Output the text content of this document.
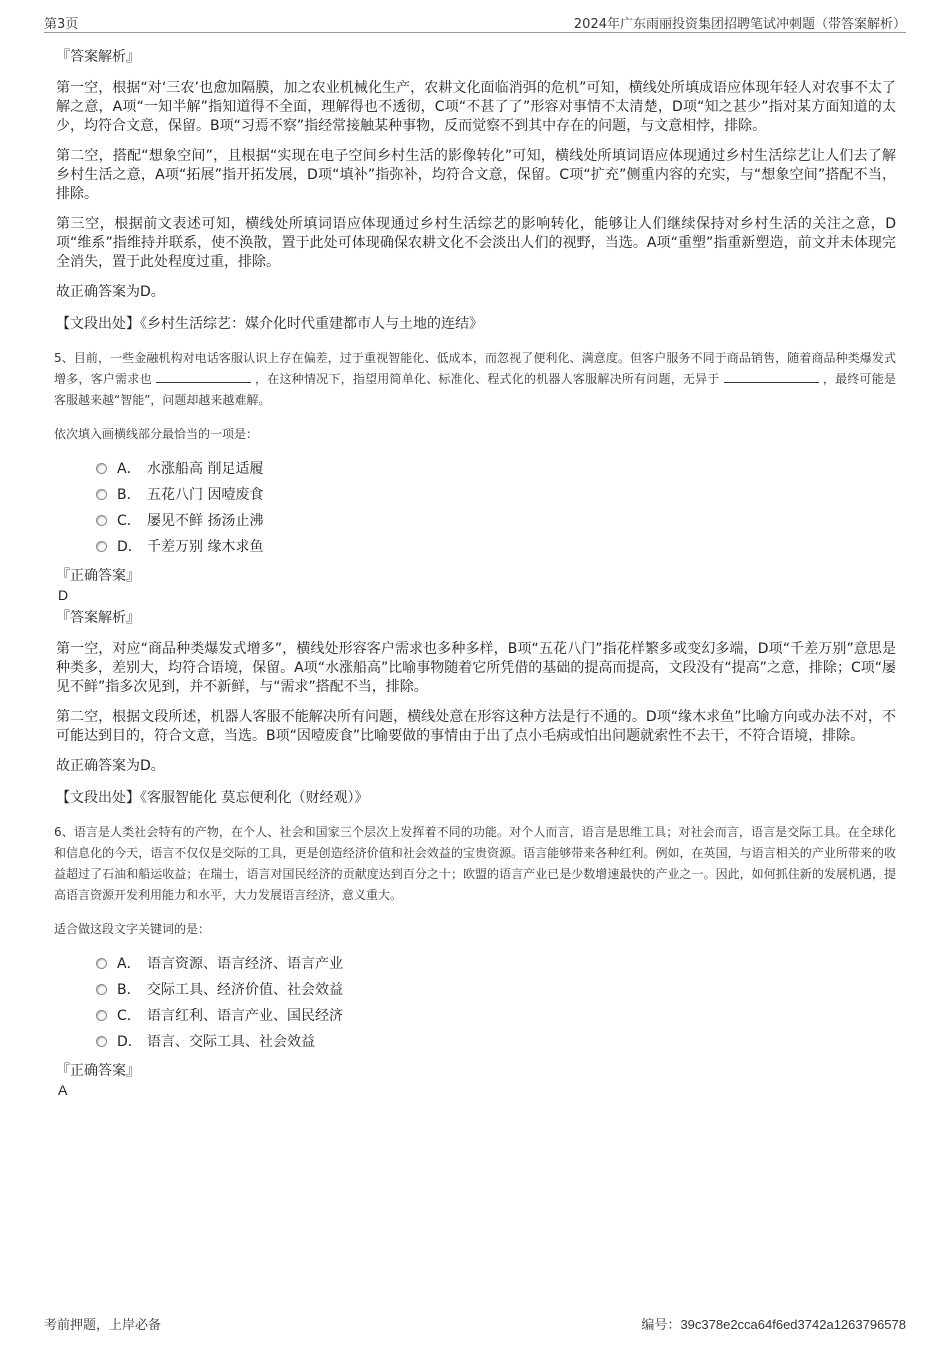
第3页	2024年广东雨丽投资集团招聘笔试冲刺题（带答案解析）
『答案解析』
第一空，根据“对‘三农’也愈加隔膜，加之农业机械化生产，农耕文化面临消弭的危机”可知，横线处所填成语应体现年轻人对农事不太了解之意，A项“一知半解”指知道得不全面，理解得也不透彻，C项“不甚了了”形容对事情不太清楚，D项“知之甚少”指对某方面知道的太少，均符合文意，保留。B项“习焉不察”指经常接触某种事物，反而觉察不到其中存在的问题，与文意相悖，排除。
第二空，搭配“想象空间”，且根据“实现在电子空间乡村生活的影像转化”可知，横线处所填词语应体现通过乡村生活综艺让人们去了解乡村生活之意，A项“拓展”指开拓发展，D项“填补”指弥补，均符合文意，保留。C项“扩充”侧重内容的充实，与“想象空间”搭配不当，排除。
第三空，根据前文表述可知，横线处所填词语应体现通过乡村生活综艺的影响转化，能够让人们继续保持对乡村生活的关注之意，D项“维系”指维持并联系，使不涣散，置于此处可体现确保农耕文化不会淡出人们的视野，当选。A项“重塑”指重新塑造，前文并未体现完全消失，置于此处程度过重，排除。
故正确答案为D。
【文段出处】《乡村生活综艺：媒介化时代重建都市人与土地的连结》
5、目前，一些金融机构对电话客服认识上存在偏差，过于重视智能化、低成本，而忽视了便利化、满意度。但客户服务不同于商品销售，随着商品种类爆发式增多，客户需求也	，在这种情况下，指望用简单化、标准化、程式化的机器人客服解决所有问题，无异于	，最终可能是客服越来越“智能”，问题却越来越难解。
依次填入画横线部分最恰当的一项是：
A． 水涨船高 削足适履
B． 五花八门 因噎废食
C． 屡见不鲜 扬汤止沸
D． 千差万别 缘木求鱼
『正确答案』
D
『答案解析』
第一空，对应“商品种类爆发式增多”，横线处形容客户需求也多种多样，B项“五花八门”指花样繁多或变幻多端，D项“千差万别”意思是种类多，差别大，均符合语境，保留。A项“水涨船高”比喻事物随着它所凭借的基础的提高而提高，文段没有“提高”之意，排除；C项“屡见不鲜”指多次见到，并不新鲜，与“需求”搭配不当，排除。
第二空，根据文段所述，机器人客服不能解决所有问题，横线处意在形容这种方法是行不通的。D项“缘木求鱼”比喻方向或办法不对，不可能达到目的，符合文意，当选。B项“因噎废食”比喻要做的事情由于出了点小毛病或怕出问题就索性不去干，不符合语境，排除。
故正确答案为D。
【文段出处】《客服智能化 莫忘便利化（财经观）》
6、语言是人类社会特有的产物，在个人、社会和国家三个层次上发挥着不同的功能。对个人而言，语言是思维工具；对社会而言，语言是交际工具。在全球化和信息化的今天，语言不仅仅是交际的工具，更是创造经济价值和社会效益的宝贵资源。语言能够带来各种红利。例如，在英国，与语言相关的产业所带来的收益超过了石油和船运收益；在瑞士，语言对国民经济的贡献度达到百分之十；欧盟的语言产业已是少数增速最快的产业之一。因此，如何抓住新的发展机遇，提高语言资源开发利用能力和水平，大力发展语言经济，意义重大。
适合做这段文字关键词的是：
A． 语言资源、语言经济、语言产业
B． 交际工具、经济价值、社会效益
C． 语言红利、语言产业、国民经济
D． 语言、交际工具、社会效益
『正确答案』
A
考前押题，上岸必备	编号：39c378e2cca64f6ed3742a1263796578
